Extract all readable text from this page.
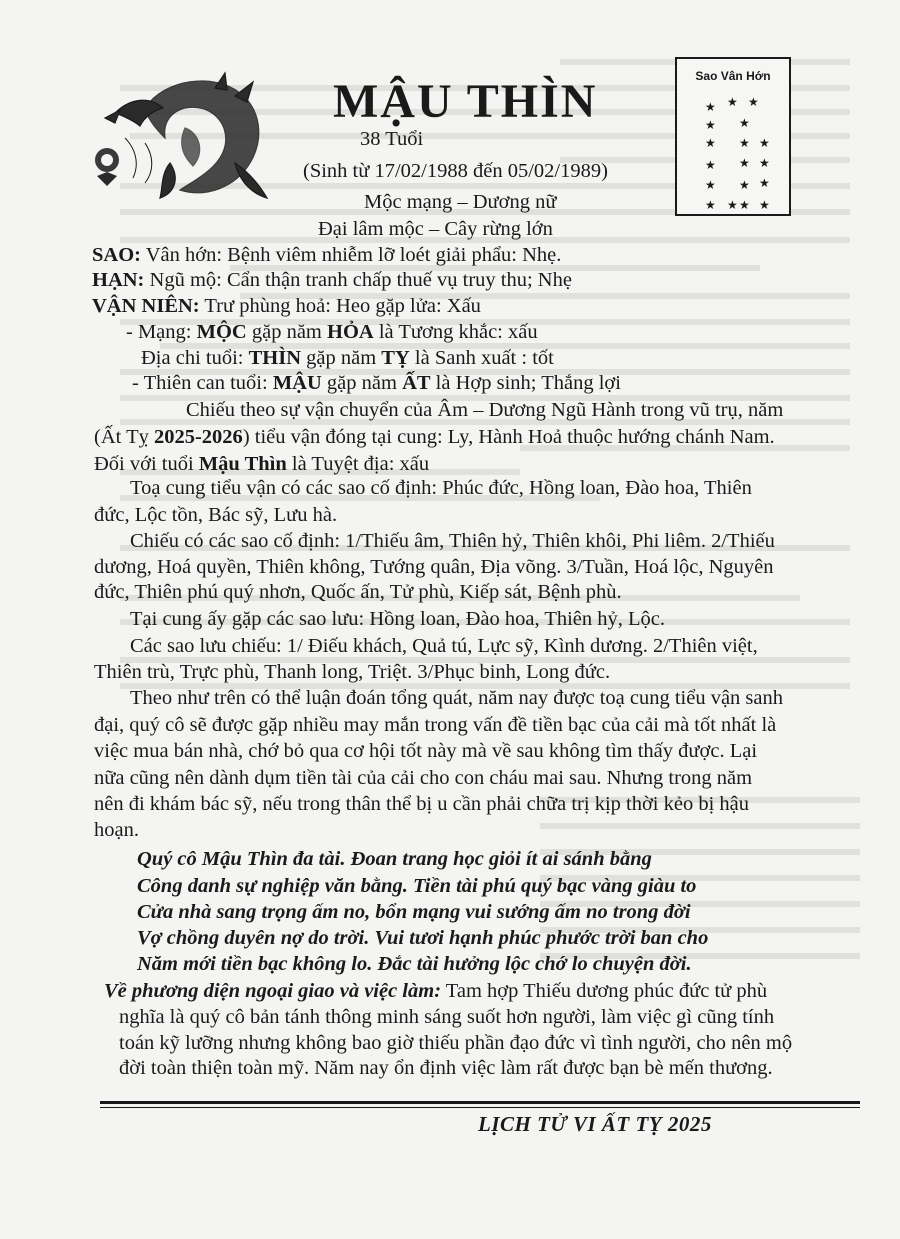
MẬU THÌN
38 Tuổi
(Sinh từ 17/02/1988 đến 05/02/1989)
Mộc mạng – Dương nữ
Đại lâm mộc – Cây rừng lớn
Sao Vân Hớn
★ ★ ★
★ ★
★ ★ ★
★ ★ ★
★ ★ ★
★ ★ ★ ★
SAO: Vân hớn: Bệnh viêm nhiễm lỡ loét giải phẩu: Nhẹ.
HẠN: Ngũ mộ: Cẩn thận tranh chấp thuế vụ truy thu; Nhẹ
VẬN NIÊN: Trư phùng hoả: Heo gặp lửa: Xấu
- Mạng: MỘC gặp năm HỎA là Tương khắc: xấu
Địa chi tuổi: THÌN gặp năm TỴ là Sanh xuất : tốt
- Thiên can tuổi: MẬU gặp năm ẤT là Hợp sinh; Thắng lợi
Chiếu theo sự vận chuyển của Âm – Dương Ngũ Hành trong vũ trụ, năm
(Ất Tỵ 2025-2026) tiểu vận đóng tại cung: Ly, Hành Hoả thuộc hướng chánh Nam.
Đối với tuổi Mậu Thìn là Tuyệt địa: xấu
Toạ cung tiểu vận có các sao cố định: Phúc đức, Hồng loan, Đào hoa, Thiên
đức, Lộc tồn, Bác sỹ, Lưu hà.
Chiếu có các sao cố định: 1/Thiếu âm, Thiên hỷ, Thiên khôi, Phi liêm. 2/Thiếu
dương, Hoá quyền, Thiên không, Tướng quân, Địa võng. 3/Tuần, Hoá lộc, Nguyên
đức, Thiên phú quý nhơn, Quốc ấn, Tử phù, Kiếp sát, Bệnh phù.
Tại cung ấy gặp các sao lưu: Hồng loan, Đào hoa, Thiên hỷ, Lộc.
Các sao lưu chiếu: 1/ Điếu khách, Quả tú, Lực sỹ, Kình dương. 2/Thiên việt,
Thiên trù, Trực phù, Thanh long, Triệt. 3/Phục binh, Long đức.
Theo như trên có thể luận đoán tổng quát, năm nay được toạ cung tiểu vận sanh
đại, quý cô sẽ được gặp nhiều may mắn trong vấn đề tiền bạc của cải mà tốt nhất là
việc mua bán nhà, chớ bỏ qua cơ hội tốt này mà về sau không tìm thấy được. Lại
nữa cũng nên dành dụm tiền tài của cải cho con cháu mai sau. Nhưng trong năm
nên đi khám bác sỹ, nếu trong thân thể bị u cần phải chữa trị kịp thời kẻo bị hậu
hoạn.
Quý cô Mậu Thìn đa tài. Đoan trang học giỏi ít ai sánh bằng
Công danh sự nghiệp văn bằng. Tiền tài phú quý bạc vàng giàu to
Cửa nhà sang trọng ấm no, bổn mạng vui sướng ấm no trong đời
Vợ chồng duyên nợ do trời. Vui tươi hạnh phúc phước trời ban cho
Năm mới tiền bạc không lo. Đắc tài hưởng lộc chớ lo chuyện đời.
Về phương diện ngoại giao và việc làm: Tam hợp Thiếu dương phúc đức tử phù
nghĩa là quý cô bản tánh thông minh sáng suốt hơn người, làm việc gì cũng tính
toán kỹ lưỡng nhưng không bao giờ thiếu phần đạo đức vì tình người, cho nên mộ
đời toàn thiện toàn mỹ. Năm nay ổn định việc làm rất được bạn bè mến thương.
LỊCH TỬ VI ẤT TỴ 2025
